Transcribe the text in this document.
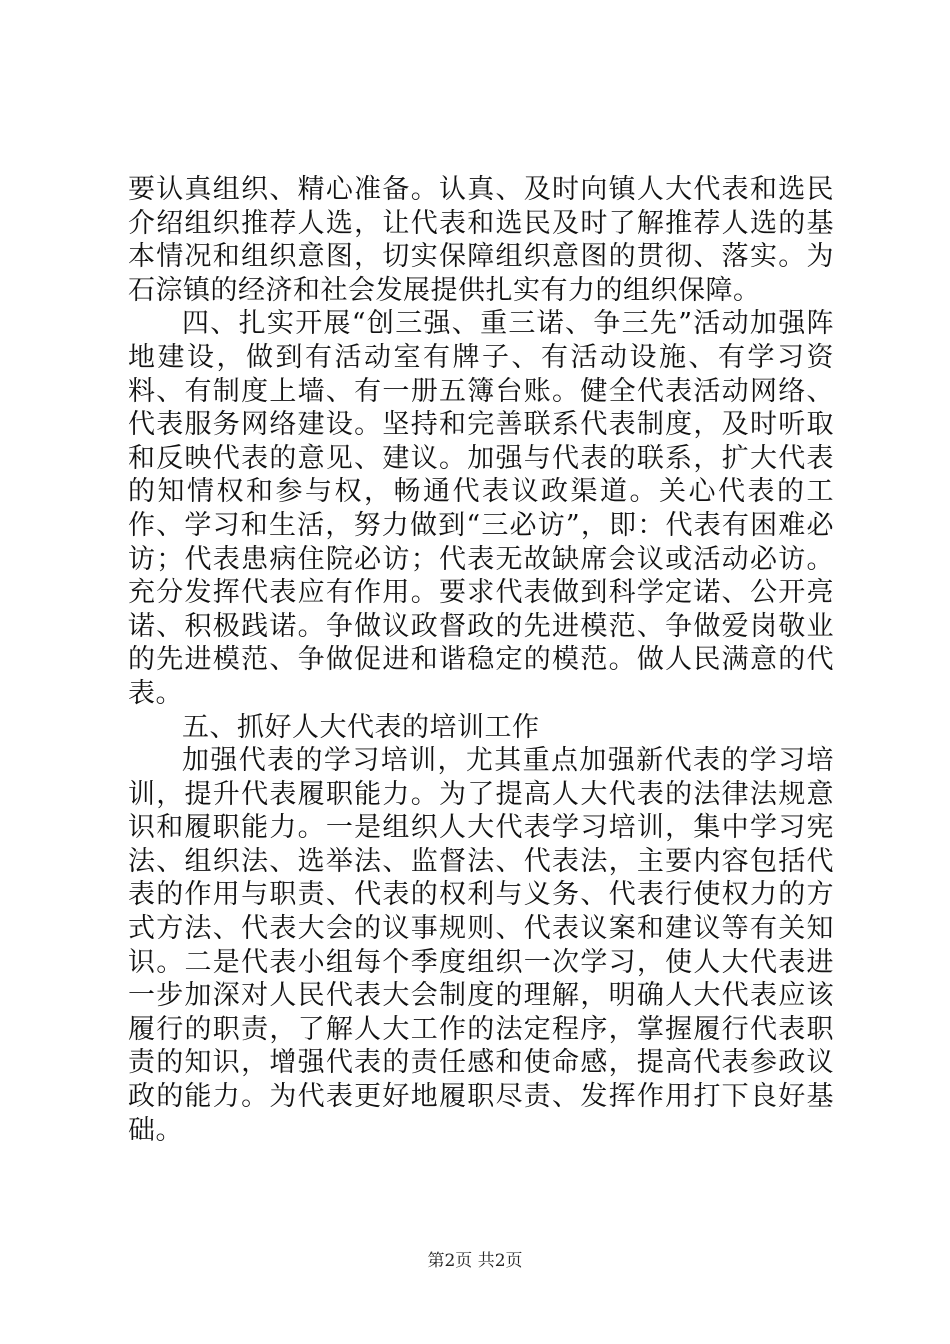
要认真组织、精心准备。认真、及时向镇人大代表和选民介绍组织推荐人选，让代表和选民及时了解推荐人选的基本情况和组织意图，切实保障组织意图的贯彻、落实。为石淙镇的经济和社会发展提供扎实有力的组织保障。

四、扎实开展“创三强、重三诺、争三先”活动加强阵地建设，做到有活动室有牌子、有活动设施、有学习资料、有制度上墙、有一册五簿台账。健全代表活动网络、代表服务网络建设。坚持和完善联系代表制度，及时听取和反映代表的意见、建议。加强与代表的联系，扩大代表的知情权和参与权，畅通代表议政渠道。关心代表的工作、学习和生活，努力做到“三必访”，即：代表有困难必访；代表患病住院必访；代表无故缺席会议或活动必访。充分发挥代表应有作用。要求代表做到科学定诺、公开亮诺、积极践诺。争做议政督政的先进模范、争做爱岗敬业的先进模范、争做促进和谐稳定的模范。做人民满意的代表。

五、抓好人大代表的培训工作

加强代表的学习培训，尤其重点加强新代表的学习培训，提升代表履职能力。为了提高人大代表的法律法规意识和履职能力。一是组织人大代表学习培训，集中学习宪法、组织法、选举法、监督法、代表法，主要内容包括代表的作用与职责、代表的权利与义务、代表行使权力的方式方法、代表大会的议事规则、代表议案和建议等有关知识。二是代表小组每个季度组织一次学习，使人大代表进一步加深对人民代表大会制度的理解，明确人大代表应该履行的职责，了解人大工作的法定程序，掌握履行代表职责的知识，增强代表的责任感和使命感，提高代表参政议政的能力。为代表更好地履职尽责、发挥作用打下良好基础。

第2页 共2页
